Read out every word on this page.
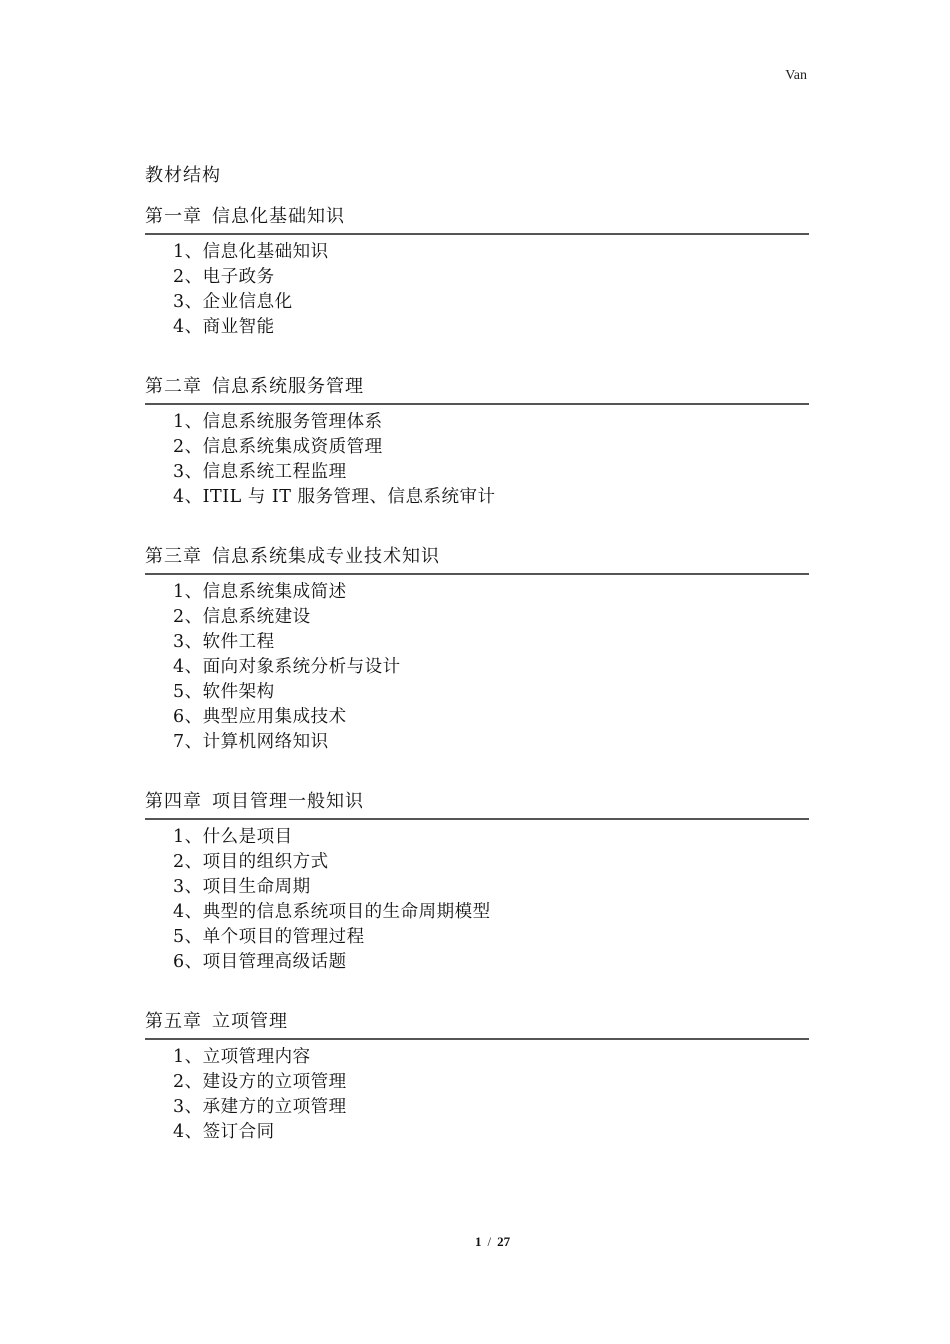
Van
教材结构
第一章 信息化基础知识
1、信息化基础知识
2、电子政务
3、企业信息化
4、商业智能
第二章 信息系统服务管理
1、信息系统服务管理体系
2、信息系统集成资质管理
3、信息系统工程监理
4、ITIL 与 IT 服务管理、信息系统审计
第三章 信息系统集成专业技术知识
1、信息系统集成简述
2、信息系统建设
3、软件工程
4、面向对象系统分析与设计
5、软件架构
6、典型应用集成技术
7、计算机网络知识
第四章 项目管理一般知识
1、什么是项目
2、项目的组织方式
3、项目生命周期
4、典型的信息系统项目的生命周期模型
5、单个项目的管理过程
6、项目管理高级话题
第五章 立项管理
1、立项管理内容
2、建设方的立项管理
3、承建方的立项管理
4、签订合同
1 / 27
